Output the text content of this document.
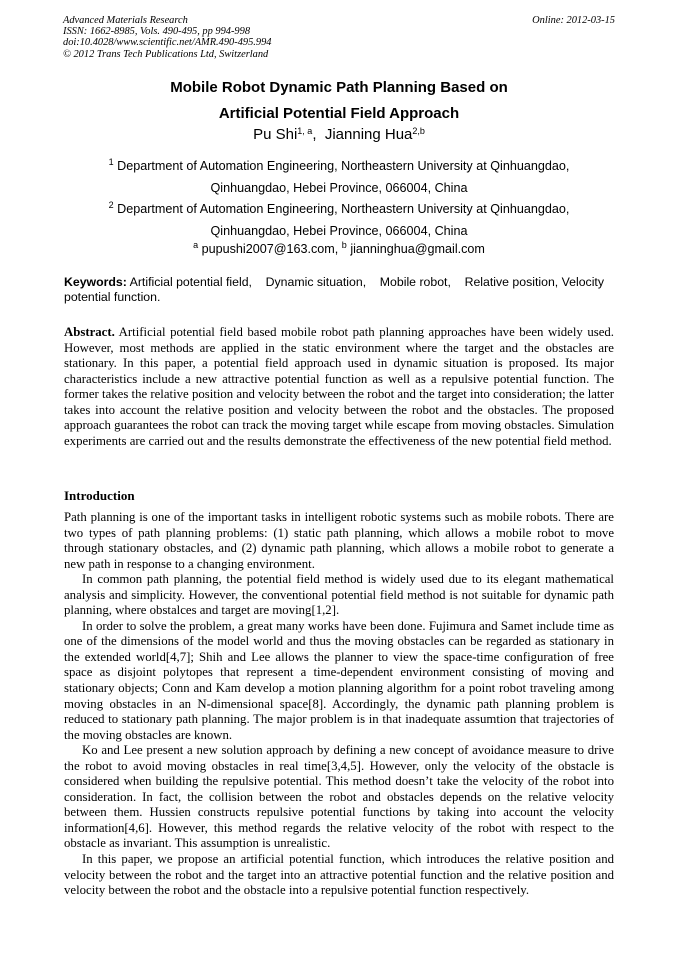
Advanced Materials Research
ISSN: 1662-8985, Vols. 490-495, pp 994-998
doi:10.4028/www.scientific.net/AMR.490-495.994
© 2012 Trans Tech Publications Ltd, Switzerland
Online: 2012-03-15
Mobile Robot Dynamic Path Planning Based on
Artificial Potential Field Approach
Pu Shi$^{1, a}$,  Jianning Hua$^{2,b}$
$^1$ Department of Automation Engineering, Northeastern University at Qinhuangdao,
Qinhuangdao, Hebei Province, 066004, China
$^2$ Department of Automation Engineering, Northeastern University at Qinhuangdao,
Qinhuangdao, Hebei Province, 066004, China
$^a$ pupushi2007@163.com, $^b$ jianninghua@gmail.com
Keywords: Artificial potential field, Dynamic situation, Mobile robot, Relative position, Velocity potential function.
Abstract. Artificial potential field based mobile robot path planning approaches have been widely used. However, most methods are applied in the static environment where the target and the obstacles are stationary. In this paper, a potential field approach used in dynamic situation is proposed. Its major characteristics include a new attractive potential function as well as a repulsive potential function. The former takes the relative position and velocity between the robot and the target into consideration; the latter takes into account the relative position and velocity between the robot and the obstacles. The proposed approach guarantees the robot can track the moving target while escape from moving obstacles. Simulation experiments are carried out and the results demonstrate the effectiveness of the new potential field method.
Introduction

Path planning is one of the important tasks in intelligent robotic systems such as mobile robots. There are two types of path planning problems: (1) static path planning, which allows a mobile robot to move through stationary obstacles, and (2) dynamic path planning, which allows a mobile robot to generate a new path in response to a changing environment.

In common path planning, the potential field method is widely used due to its elegant mathematical analysis and simplicity. However, the conventional potential field method is not suitable for dynamic path planning, where obstalces and target are moving[1,2].

In order to solve the problem, a great many works have been done. Fujimura and Samet include time as one of the dimensions of the model world and thus the moving obstacles can be regarded as stationary in the extended world[4,7]; Shih and Lee allows the planner to view the space-time configuration of free space as disjoint polytopes that represent a time-dependent environment consisting of moving and stationary objects; Conn and Kam develop a motion planning algorithm for a point robot traveling among moving obstacles in an N-dimensional space[8]. Accordingly, the dynamic path planning problem is reduced to stationary path planning. The major problem is in that inadequate assumtion that trajectories of the moving obstacles are known.

Ko and Lee present a new solution approach by defining a new concept of avoidance measure to drive the robot to avoid moving obstacles in real time[3,4,5]. However, only the velocity of the obstacle is considered when building the repulsive potential. This method doesn’t take the velocity of the robot into consideration. In fact, the collision between the robot and obstacles depends on the relative velocity between them. Hussien constructs repulsive potential functions by taking into account the velocity information[4,6]. However, this method regards the relative velocity of the robot with respect to the obstacle as invariant. This assumption is unrealistic.

In this paper, we propose an artificial potential function, which introduces the relative position and velocity between the robot and the target into an attractive potential function and the relative position and velocity between the robot and the obstacle into a repulsive potential function respectively.
